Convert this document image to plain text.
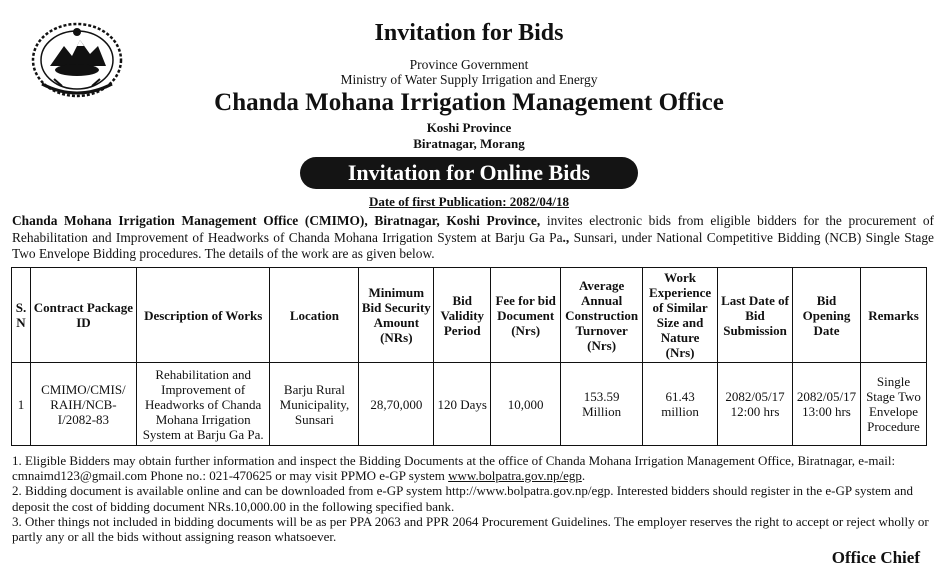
Invitation for Bids
Province Government
Ministry of Water Supply Irrigation and Energy
Chanda Mohana Irrigation Management Office
Koshi Province
Biratnagar, Morang
Invitation for Online Bids
Date of first Publication: 2082/04/18

Chanda Mohana Irrigation Management Office (CMIMO), Biratnagar, Koshi Province, invites electronic bids from eligible bidders for the procurement of Rehabilitation and Improvement of Headworks of Chanda Mohana Irrigation System at Barju Ga Pa., Sunsari, under National Competitive Bidding (NCB) Single Stage Two Envelope Bidding procedures. The details of the work are as given below.

S. N	Contract Package ID	Description of Works	Location	Minimum Bid Security Amount (NRs)	Bid Validity Period	Fee for bid Document (Nrs)	Average Annual Construction Turnover (Nrs)	Work Experience of Similar Size and Nature (Nrs)	Last Date of Bid Submission	Bid Opening Date	Remarks
1	CMIMO/CMIS/ RAIH/NCB- I/2082-83	Rehabilitation and Improvement of Headworks of Chanda Mohana Irrigation System at Barju Ga Pa.	Barju Rural Municipality, Sunsari	28,70,000	120 Days	10,000	153.59 Million	61.43 million	2082/05/17 12:00 hrs	2082/05/17 13:00 hrs	Single Stage Two Envelope Procedure

1. Eligible Bidders may obtain further information and inspect the Bidding Documents at the office of Chanda Mohana Irrigation Management Office, Biratnagar, e-mail: cmnaimd123@gmail.com Phone no.: 021-470625 or may visit PPMO e-GP system www.bolpatra.gov.np/egp.

2. Bidding document is available online and can be downloaded from e-GP system http://www.bolpatra.gov.np/egp. Interested bidders should register in the e-GP system and deposit the cost of bidding document NRs.10,000.00 in the following specified bank.

3. Other things not included in bidding documents will be as per PPA 2063 and PPR 2064 Procurement Guidelines. The employer reserves the right to accept or reject wholly or partly any or all the bids without assigning reason whatsoever.

Office Chief
